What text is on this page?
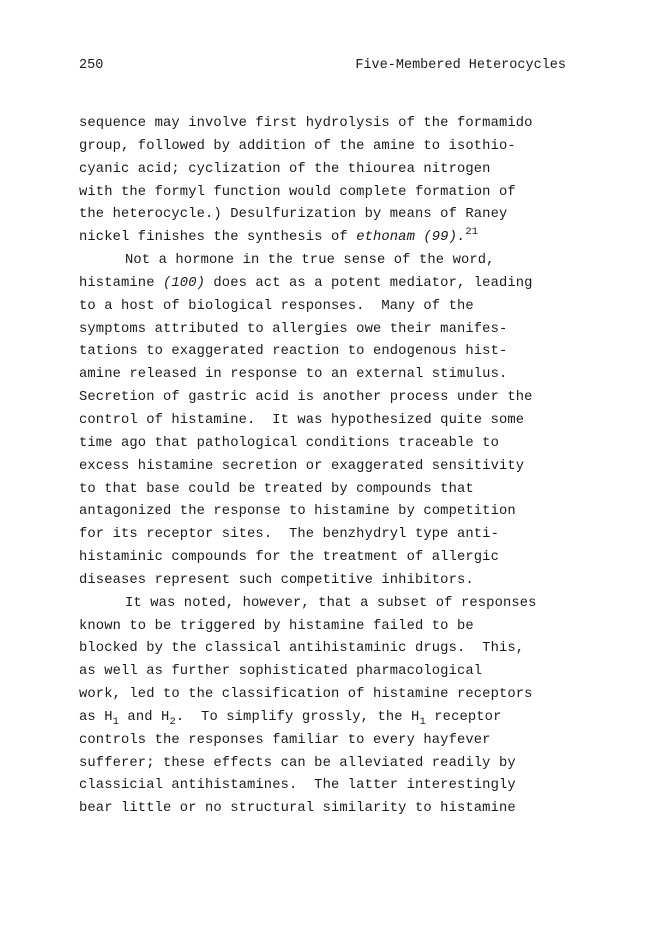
250	Five-Membered Heterocycles
sequence may involve first hydrolysis of the formamido
group, followed by addition of the amine to isothio-
cyanic acid; cyclization of the thiourea nitrogen
with the formyl function would complete formation of
the heterocycle.) Desulfurization by means of Raney
nickel finishes the synthesis of ethonam (99).$^{21}$
Not a hormone in the true sense of the word,
histamine (100) does act as a potent mediator, leading
to a host of biological responses.  Many of the
symptoms attributed to allergies owe their manifes-
tations to exaggerated reaction to endogenous hist-
amine released in response to an external stimulus.
Secretion of gastric acid is another process under the
control of histamine.  It was hypothesized quite some
time ago that pathological conditions traceable to
excess histamine secretion or exaggerated sensitivity
to that base could be treated by compounds that
antagonized the response to histamine by competition
for its receptor sites.  The benzhydryl type anti-
histaminic compounds for the treatment of allergic
diseases represent such competitive inhibitors.
It was noted, however, that a subset of responses
known to be triggered by histamine failed to be
blocked by the classical antihistaminic drugs.  This,
as well as further sophisticated pharmacological
work, led to the classification of histamine receptors
as $H_1$ and $H_2$.  To simplify grossly, the $H_1$ receptor
controls the responses familiar to every hayfever
sufferer; these effects can be alleviated readily by
classicial antihistamines.  The latter interestingly
bear little or no structural similarity to histamine
